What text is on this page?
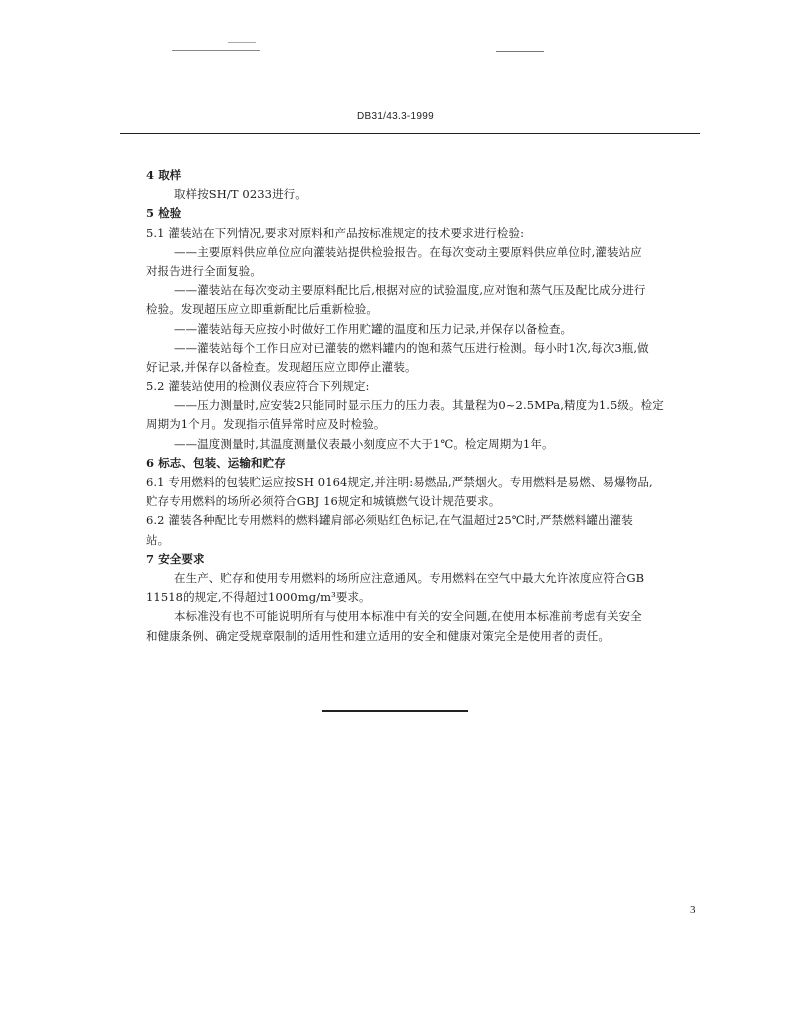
DB31/43.3-1999
4 取样
取样按SH/T 0233进行。
5 检验
5.1 灌装站在下列情况,要求对原料和产品按标准规定的技术要求进行检验:
——主要原料供应单位应向灌装站提供检验报告。在每次变动主要原料供应单位时,灌装站应
对报告进行全面复验。
——灌装站在每次变动主要原料配比后,根据对应的试验温度,应对饱和蒸气压及配比成分进行
检验。发现超压应立即重新配比后重新检验。
——灌装站每天应按小时做好工作用贮罐的温度和压力记录,并保存以备检查。
——灌装站每个工作日应对已灌装的燃料罐内的饱和蒸气压进行检测。每小时1次,每次3瓶,做
好记录,并保存以备检查。发现超压应立即停止灌装。
5.2 灌装站使用的检测仪表应符合下列规定:
——压力测量时,应安装2只能同时显示压力的压力表。其量程为0~2.5MPa,精度为1.5级。检定
周期为1个月。发现指示值异常时应及时检验。
——温度测量时,其温度测量仪表最小刻度应不大于1℃。检定周期为1年。
6 标志、包装、运输和贮存
6.1 专用燃料的包装贮运应按SH 0164规定,并注明:易燃品,严禁烟火。专用燃料是易燃、易爆物品,
贮存专用燃料的场所必须符合GBJ 16规定和城镇燃气设计规范要求。
6.2 灌装各种配比专用燃料的燃料罐肩部必须贴红色标记,在气温超过25℃时,严禁燃料罐出灌装
站。
7 安全要求
在生产、贮存和使用专用燃料的场所应注意通风。专用燃料在空气中最大允许浓度应符合GB
11518的规定,不得超过1000mg/m³要求。
本标准没有也不可能说明所有与使用本标准中有关的安全问题,在使用本标准前考虑有关安全
和健康条例、确定受规章限制的适用性和建立适用的安全和健康对策完全是使用者的责任。
3
